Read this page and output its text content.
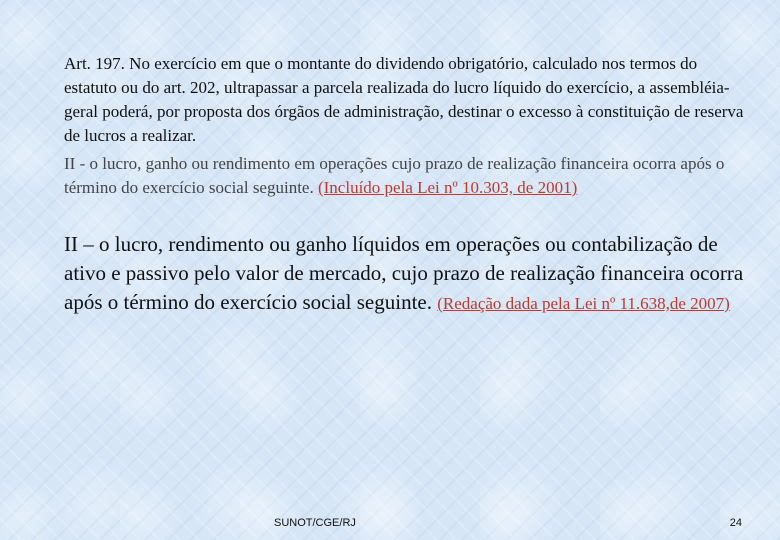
Art. 197. No exercício em que o montante do dividendo obrigatório, calculado nos termos do estatuto ou do art. 202, ultrapassar a parcela realizada do lucro líquido do exercício, a assembléia-geral poderá, por proposta dos órgãos de administração, destinar o excesso à constituição de reserva de lucros a realizar.

II - o lucro, ganho ou rendimento em operações cujo prazo de realização financeira ocorra após o término do exercício social seguinte. (Incluído pela Lei nº 10.303, de 2001)

II – o lucro, rendimento ou ganho líquidos em operações ou contabilização de ativo e passivo pelo valor de mercado, cujo prazo de realização financeira ocorra após o término do exercício social seguinte. (Redação dada pela Lei nº 11.638,de 2007)

SUNOT/CGE/RJ	24
